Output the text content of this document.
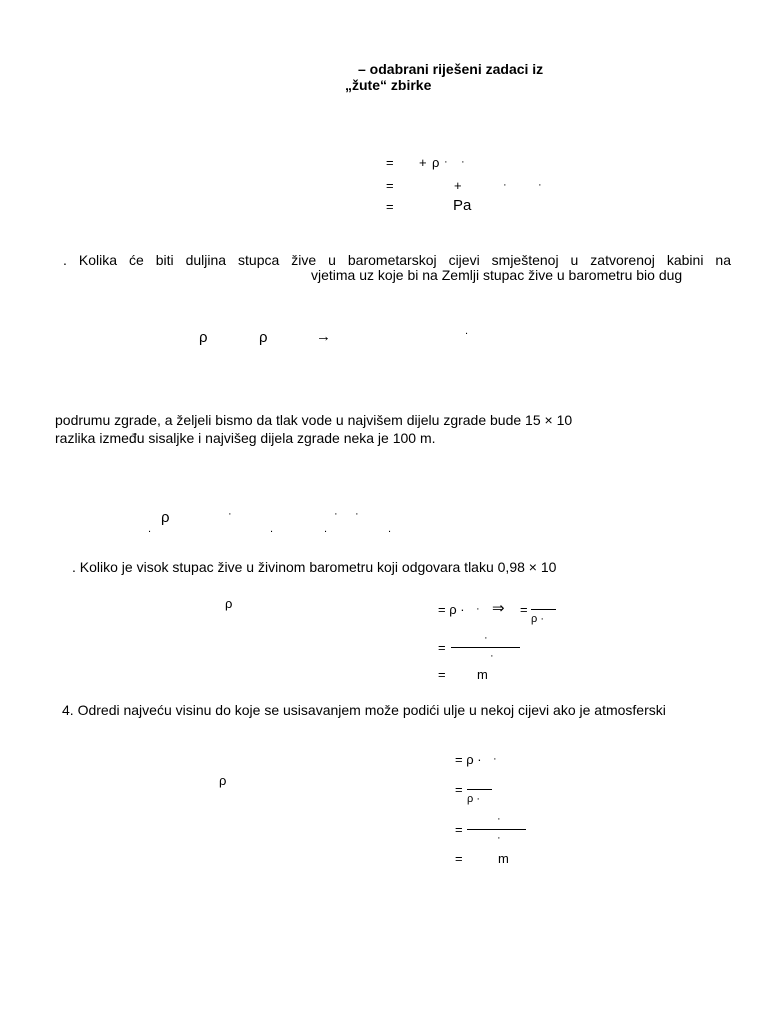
– odabrani riješeni zadaci iz
„žute“ zbirke
= + ρ · ·
=	+	·	·
=	Pa
. Kolika će biti duljina stupca žive u barometarskoj cijevi smještenoj u zatvorenoj kabini na
vjetima uz koje bi na Zemlji stupac žive u barometru bio dug
ρ	ρ	→	.
podrumu zgrade, a željeli bismo da tlak vode u najvišem dijelu zgrade bude 15 × 10
razlika između sisaljke i najvišeg dijela zgrade neka je 100 m.
ρ	·	· ·
.	.	.	.
. Koliko je visok stupac žive u živinom barometru koji odgovara tlaku 0,98 × 10
ρ	= ρ · · ⇒ =
ρ ·
=
·
·
= m
4. Odredi najveću visinu do koje se usisavanjem može podići ulje u nekoj cijevi ako je atmosferski
= ρ · ·
ρ
=
ρ ·
=
·
·
=	m
